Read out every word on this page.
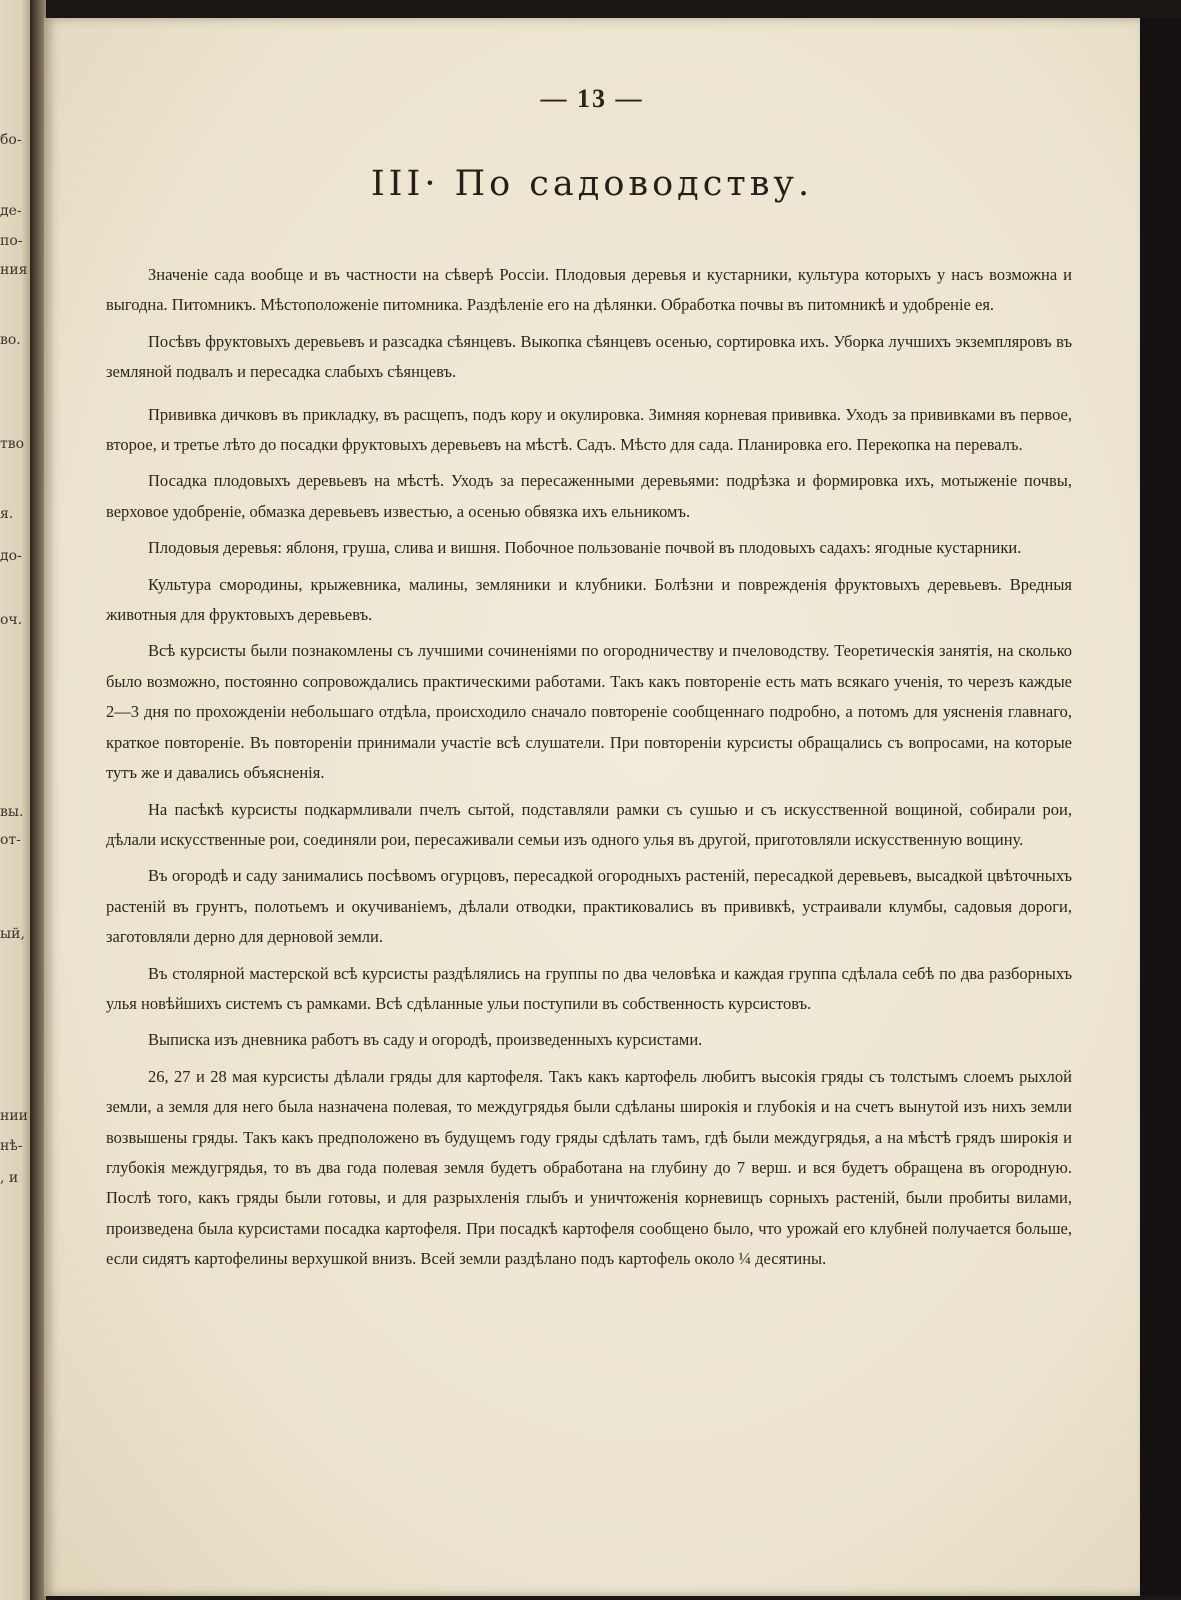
бо-
де-
по-
ния
во.
тво
я.
до-
оч.
вы.
от-
ый,
нии
нѣ-
, и
— 13 —
III· По садоводству.

Значеніе сада вообще и въ частности на сѣверѣ Россіи. Плодовыя деревья и кустарники, культура которыхъ у насъ возможна и выгодна. Питомникъ. Мѣстоположеніе питомника. Раздѣленіе его на дѣлянки. Обработка почвы въ питомникѣ и удобреніе ея.

Посѣвъ фруктовыхъ деревьевъ и разсадка сѣянцевъ. Выкопка сѣянцевъ осенью, сортировка ихъ. Уборка лучшихъ экземпляровъ въ земляной подвалъ и пересадка слабыхъ сѣянцевъ.

Прививка дичковъ въ прикладку, въ расщепъ, подъ кору и окулировка. Зимняя корневая прививка. Уходъ за прививками въ первое, второе, и третье лѣто до посадки фруктовыхъ деревьевъ на мѣстѣ. Садъ. Мѣсто для сада. Планировка его. Перекопка на перевалъ.

Посадка плодовыхъ деревьевъ на мѣстѣ. Уходъ за пересаженными деревьями: подрѣзка и формировка ихъ, мотыженіе почвы, верховое удобреніе, обмазка деревьевъ известью, а осенью обвязка ихъ ельникомъ.

Плодовыя деревья: яблоня, груша, слива и вишня. Побочное пользованіе почвой въ плодовыхъ садахъ: ягодные кустарники.

Культура смородины, крыжевника, малины, земляники и клубники. Болѣзни и поврежденія фруктовыхъ деревьевъ. Вредныя животныя для фруктовыхъ деревьевъ.

Всѣ курсисты были познакомлены съ лучшими сочиненіями по огородничеству и пчеловодству. Теоретическія занятія, на сколько было возможно, постоянно сопровождались практическими работами. Такъ какъ повтореніе есть мать всякаго ученія, то черезъ каждые 2—3 дня по прохожденіи небольшаго отдѣла, происходило сначало повтореніе сообщеннаго подробно, а потомъ для уясненія главнаго, краткое повтореніе. Въ повтореніи принимали участіе всѣ слушатели. При повтореніи курсисты обращались съ вопросами, на которые тутъ же и давались объясненія.

На пасѣкѣ курсисты подкармливали пчелъ сытой, подставляли рамки съ сушью и съ искусственной вощиной, собирали рои, дѣлали искусственные рои, соединяли рои, пересаживали семьи изъ одного улья въ другой, приготовляли искусственную вощину.

Въ огородѣ и саду занимались посѣвомъ огурцовъ, пересадкой огородныхъ растеній, пересадкой деревьевъ, высадкой цвѣточныхъ растеній въ грунтъ, полотьемъ и окучиваніемъ, дѣлали отводки, практиковались въ прививкѣ, устраивали клумбы, садовыя дороги, заготовляли дерно для дерновой земли.

Въ столярной мастерской всѣ курсисты раздѣлялись на группы по два человѣка и каждая группа сдѣлала себѣ по два разборныхъ улья новѣйшихъ системъ съ рамками. Всѣ сдѣланные ульи поступили въ собственность курсистовъ.

Выписка изъ дневника работъ въ саду и огородѣ, произведенныхъ курсистами.

26, 27 и 28 мая курсисты дѣлали гряды для картофеля. Такъ какъ картофель любитъ высокія гряды съ толстымъ слоемъ рыхлой земли, а земля для него была назначена полевая, то междугрядья были сдѣланы широкія и глубокія и на счетъ вынутой изъ нихъ земли возвышены гряды. Такъ какъ предположено въ будущемъ году гряды сдѣлать тамъ, гдѣ были междугрядья, а на мѣстѣ грядъ широкія и глубокія междугрядья, то въ два года полевая земля будетъ обработана на глубину до 7 верш. и вся будетъ обращена въ огородную. Послѣ того, какъ гряды были готовы, и для разрыхленія глыбъ и уничтоженія корневищъ сорныхъ растеній, были пробиты вилами, произведена была курсистами посадка картофеля. При посадкѣ картофеля сообщено было, что урожай его клубней получается больше, если сидятъ картофелины верхушкой внизъ. Всей земли раздѣлано подъ картофель около ¼ десятины.
